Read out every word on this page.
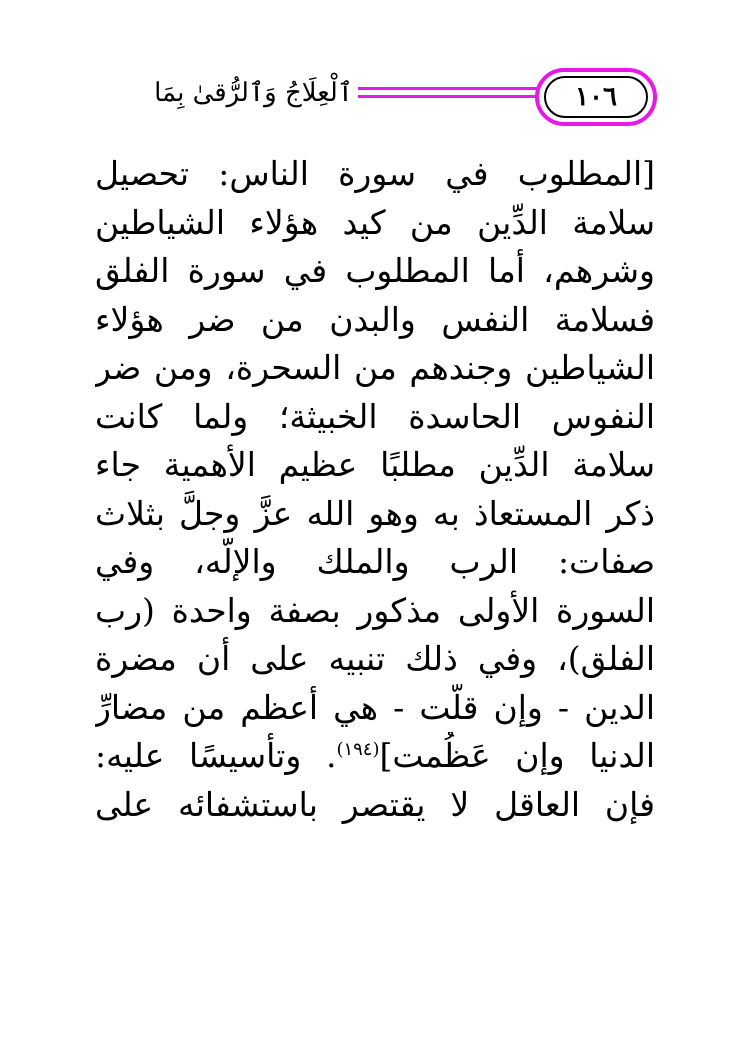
١٠٦
ٱلْعِلَاجُ وَٱلرُّقىٰ بِمَا
[المطلوب في سورة الناس: تحصيل
سلامة الدِّين من كيد هؤلاء الشياطين
وشرهم، أما المطلوب في سورة الفلق
فسلامة النفس والبدن من ضر هؤلاء
الشياطين وجندهم من السحرة، ومن ضر
النفوس الحاسدة الخبيثة؛ ولما كانت
سلامة الدِّين مطلبًا عظيم الأهمية جاء
ذكر المستعاذ به وهو الله عزَّ وجلَّ بثلاث
صفات: الرب والملك والإلّه، وفي
السورة الأولى مذكور بصفة واحدة (رب
الفلق)، وفي ذلك تنبيه على أن مضرة
الدين - وإن قلَّت - هي أعظم من مضارِّ
الدنيا وإن عَظُمت]$^{(١٩٤)}$. وتأسيسًا عليه:
فإن العاقل لا يقتصر باستشفائه على
